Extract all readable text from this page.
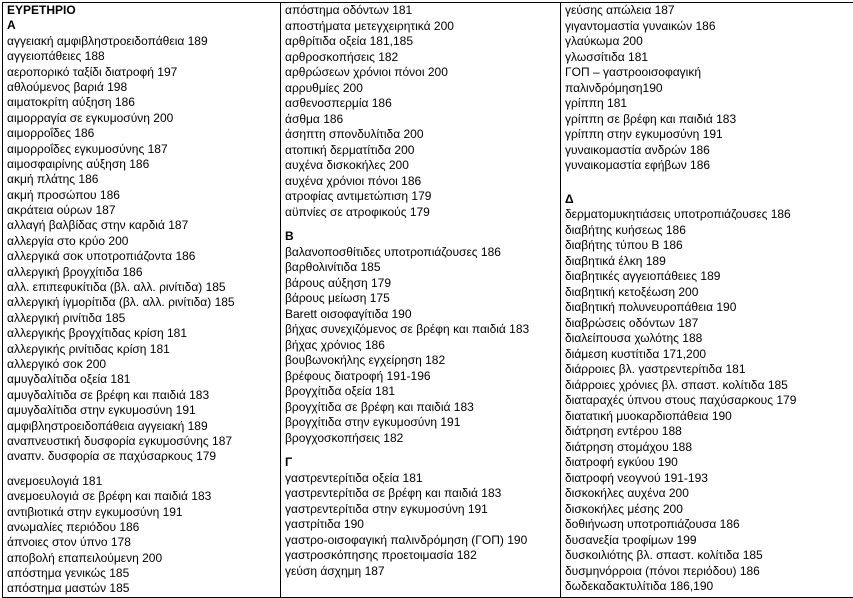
ΕΥΡΕΤΗΡΙΟ
Α
αγγειακή αμφιβληστροειδοπάθεια 189
αγγειοπάθειες 188
αεροπορικό ταξίδι διατροφή 197
αθλούμενος βαριά 198
αιματοκρίτη αύξηση 186
αιμορραγία σε εγκυμοσύνη 200
αιμορροΐδες 186
αιμορροΐδες εγκυμοσύνης 187
αιμοσφαιρίνης αύξηση 186
ακμή πλάτης 186
ακμή προσώπου 186
ακράτεια ούρων 187
αλλαγή βαλβίδας στην καρδιά 187
αλλεργία στο κρύο 200
αλλεργικά σοκ υποτροπιάζοντα 186
αλλεργική βρογχίτιδα 186
αλλ. επιπεφυκίτιδα (βλ. αλλ. ρινίτιδα) 185
αλλεργική ίγμορίτιδα (βλ. αλλ. ρινίτιδα) 185
αλλεργική ρινίτιδα 185
αλλεργικής βρογχίτιδας κρίση 181
αλλεργικής ρινίτιδας κρίση 181
αλλεργικό σοκ 200
αμυγδαλίτιδα οξεία 181
αμυγδαλίτιδα σε βρέφη και παιδιά 183
αμυγδαλίτιδα στην εγκυμοσύνη 191
αμφιβληστροειδοπάθεια αγγειακή 189
αναπνευστική δυσφορία εγκυμοσύνης 187
αναπν. δυσφορία σε παχύσαρκους 179
ανεμοευλογιά 181
ανεμοευλογιά σε βρέφη και παιδιά 183
αντιβιοτικά στην εγκυμοσύνη 191
ανωμαλίες περιόδου 186
άπνοιες στον ύπνο 178
αποβολή επαπειλούμενη 200
απόστημα γενικώς 185
απόστημα μαστών 185

απόστημα οδόντων 181
αποστήματα μετεγχειρητικά 200
αρθρίτιδα οξεία 181,185
αρθροσκοπήσεις 182
αρθρώσεων χρόνιοι πόνοι 200
αρρυθμίες 200
ασθενοσπερμία 186
άσθμα 186
άσηπτη σπονδυλίτιδα 200
ατοπική δερματίτιδα 200
αυχένα δισκοκήλες 200
αυχένα χρόνιοι πόνοι 186
ατροφίας αντιμετώπιση 179
αϋπνίες σε ατροφικούς 179
Β
βαλανοποσθίτιδες υποτροπιάζουσες 186
βαρθολινίτιδα 185
βάρους αύξηση 179
βάρους μείωση 175
Barett οισοφαγίτιδα 190
βήχας συνεχιζόμενος σε βρέφη και παιδιά 183
βήχας χρόνιος 186
βουβωνοκήλης εγχείρηση 182
βρέφους διατροφή 191-196
βρογχίτιδα οξεία 181
βρογχίτιδα σε βρέφη και παιδιά 183
βρογχίτιδα στην εγκυμοσύνη 191
βρογχοσκοπήσεις 182
Γ
γαστρεντερίτιδα οξεία 181
γαστρεντερίτιδα σε βρέφη και παιδιά 183
γαστρεντερίτιδα στην εγκυμοσύνη 191
γαστρίτιδα 190
γαστρο-οισοφαγική παλινδρόμηση (ΓΟΠ) 190
γαστροσκόπησης προετοιμασία 182
γεύση άσχημη 187

γεύσης απώλεια 187
γιγαντομαστία γυναικών 186
γλαύκωμα 200
γλωσσίτιδα 181
ΓΟΠ – γαστροοισοφαγική
παλινδρόμηση190
γρίππη 181
γρίππη σε βρέφη και παιδιά 183
γρίππη στην εγκυμοσύνη 191
γυναικομαστία ανδρών 186
γυναικομαστία εφήβων 186
Δ
δερματομυκητιάσεις υποτροπιάζουσες 186
διαβήτης κυήσεως 186
διαβήτης τύπου Β 186
διαβητικά έλκη 189
διαβητικές αγγειοπάθειες 189
διαβητική κετοξέωση 200
διαβητική πολυνευροπάθεια 190
διαβρώσεις οδόντων 187
διαλείπουσα χωλότης 188
διάμεση κυστίτιδα 171,200
διάρροιες βλ. γαστρεντερίτιδα 181
διάρροιες χρόνιες βλ. σπαστ. κολίτιδα 185
διαταραχές ύπνου στους παχύσαρκους 179
διατατική μυοκαρδιοπάθεια 190
διάτρηση εντέρου 188
διάτρηση στομάχου 188
διατροφή εγκύου 190
διατροφή νεογνού 191-193
δισκοκήλες αυχένα 200
δισκοκήλες μέσης 200
δοθιήνωση υποτροπιάζουσα 186
δυσανεξία τροφίμων 199
δυσκοιλιότης βλ. σπαστ. κολίτιδα 185
δυσμηνόρροια (πόνοι περιόδου) 186
δωδεκαδακτυλίτιδα 186,190
